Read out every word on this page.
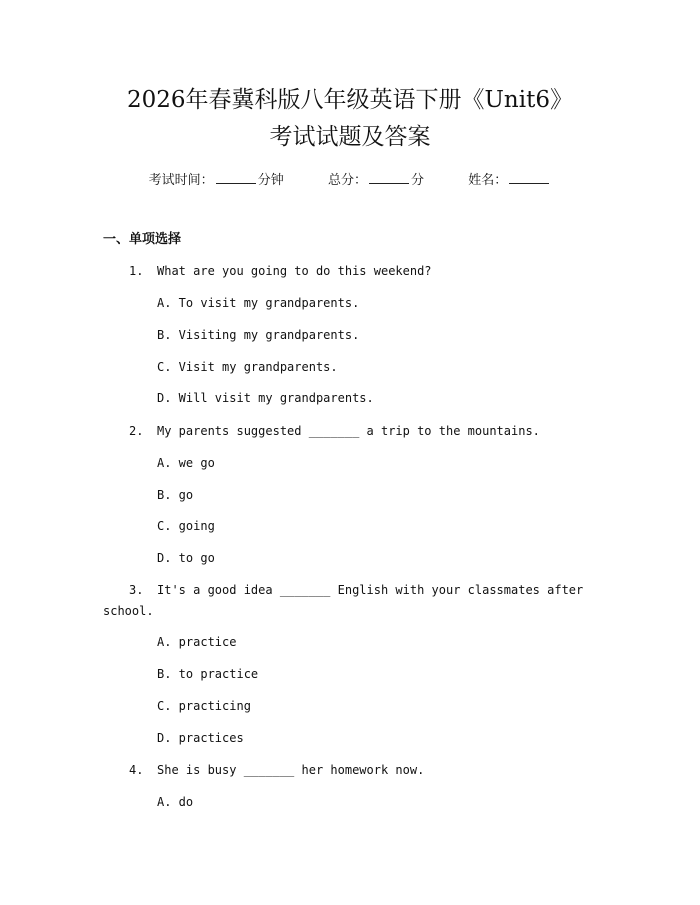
2026年春冀科版八年级英语下册《Unit6》
考试试题及答案
考试时间：	分钟	总分：	分	姓名：
一、单项选择
1. What are you going to do this weekend?
A. To visit my grandparents.
B. Visiting my grandparents.
C. Visit my grandparents.
D. Will visit my grandparents.
2. My parents suggested _______ a trip to the mountains.
A. we go
B. go
C. going
D. to go
3. It's a good idea _______ English with your classmates after
school.
A. practice
B. to practice
C. practicing
D. practices
4. She is busy _______ her homework now.
A. do
